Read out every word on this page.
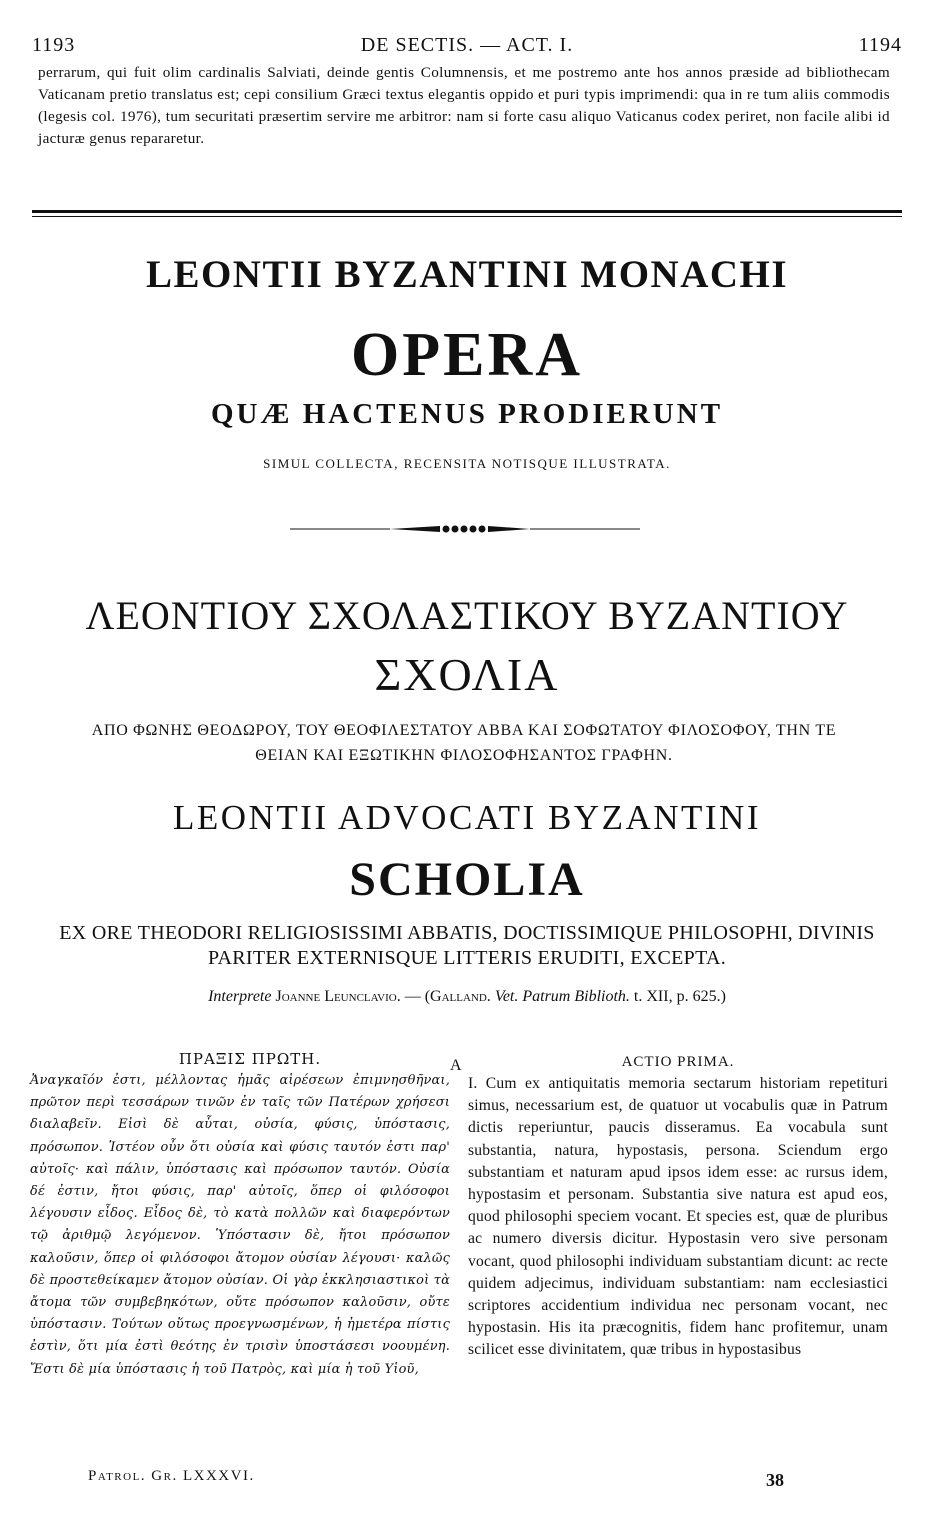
1193	DE SECTIS. — ACT. I.	1194

perrarum, qui fuit olim cardinalis Salviati, deinde gentis Columnensis, et me postremo ante hos annos præside ad bibliothecam Vaticanam pretio translatus est; cepi consilium Græci textus elegantis oppido et puri typis imprimendi: qua in re tum aliis commodis (legesis col. 1976), tum securitati præsertim servire me arbitror: nam si forte casu aliquo Vaticanus codex periret, non facile alibi id jacturæ genus repararetur.

LEONTII BYZANTINI MONACHI
OPERA
QUÆ HACTENUS PRODIERUNT
SIMUL COLLECTA, RECENSITA NOTISQUE ILLUSTRATA.
ΛΕΟΝΤΙΟΥ ΣΧΟΛΑΣΤΙΚΟΥ ΒΥΖΑΝΤΙΟΥ
ΣΧΟΛΙΑ
ΑΠΟ ΦΩΝΗΣ ΘΕΟΔΩΡΟΥ, ΤΟΥ ΘΕΟΦΙΛΕΣΤΑΤΟΥ ΑΒΒΑ ΚΑΙ ΣΟΦΩΤΑΤΟΥ ΦΙΛΟΣΟΦΟΥ, ΤΗΝ ΤΕ
ΘΕΙΑΝ ΚΑΙ ΕΞΩΤΙΚΗΝ ΦΙΛΟΣΟΦΗΣΑΝΤΟΣ ΓΡΑΦΗΝ.
LEONTII ADVOCATI BYZANTINI
SCHOLIA
EX ORE THEODORI RELIGIOSISSIMI ABBATIS, DOCTISSIMIQUE PHILOSOPHI, DIVINIS
PARITER EXTERNISQUE LITTERIS ERUDITI, EXCEPTA.
Interprete Joanne Leunclavio. — (Galland. Vet. Patrum Biblioth. t. XII, p. 625.)
ΠΡΑΞΙΣ ΠΡΩΤΗ.

Ἀναγκαῖόν ἐστι, μέλλοντας ἡμᾶς αἱρέσεων ἐπιμνησθῆναι, πρῶτον περὶ τεσσάρων τινῶν ἐν ταῖς τῶν Πατέρων χρήσεσι διαλαβεῖν. Εἰσὶ δὲ αὗται, οὐσία, φύσις, ὑπόστασις, πρόσωπον. Ἰστέον οὖν ὅτι οὐσία καὶ φύσις ταυτόν ἐστι παρ' αὐτοῖς· καὶ πάλιν, ὑπόστασις καὶ πρόσωπον ταυτόν. Οὐσία δέ ἐστιν, ἤτοι φύσις, παρ' αὐτοῖς, ὅπερ οἱ φιλόσοφοι λέγουσιν εἶδος. Εἶδος δὲ, τὸ κατὰ πολλῶν καὶ διαφερόντων τῷ ἀριθμῷ λεγόμενον. Ὑπόστασιν δὲ, ἤτοι πρόσωπον καλοῦσιν, ὅπερ οἱ φιλόσοφοι ἄτομον οὐσίαν λέγουσι· καλῶς δὲ προστεθείκαμεν ἄτομον οὐσίαν. Οἱ γὰρ ἐκκλησιαστικοὶ τὰ ἄτομα τῶν συμβεβηκότων, οὔτε πρόσωπον καλοῦσιν, οὔτε ὑπόστασιν. Τούτων οὕτως προεγνωσμένων, ἡ ἡμετέρα πίστις ἐστὶν, ὅτι μία ἐστὶ θεότης ἐν τρισὶν ὑποστάσεσι νοουμένη. Ἔστι δὲ μία ὑπόστασις ἡ τοῦ Πατρὸς, καὶ μία ἡ τοῦ Υἱοῦ,

A	ACTIO PRIMA.

I. Cum ex antiquitatis memoria sectarum historiam repetituri simus, necessarium est, de quatuor ut vocabulis quæ in Patrum dictis reperiuntur, paucis disseramus. Ea vocabula sunt substantia, natura, hypostasis, persona. Sciendum ergo substantiam et naturam apud ipsos idem esse: ac rursus idem, hypostasim et personam. Substantia sive natura est apud eos, quod philosophi speciem vocant. Et species est, quæ de pluribus ac numero diversis dicitur. Hypostasin vero sive personam vocant, quod philosophi individuam substantiam dicunt: ac recte quidem adjecimus, individuam substantiam: nam ecclesiastici scriptores accidentium individua nec personam vocant, nec hypostasin. His ita præcognitis, fidem hanc profitemur, unam scilicet esse divinitatem, quæ tribus in hypostasibus

Patrol. Gr. LXXXVI.	38
